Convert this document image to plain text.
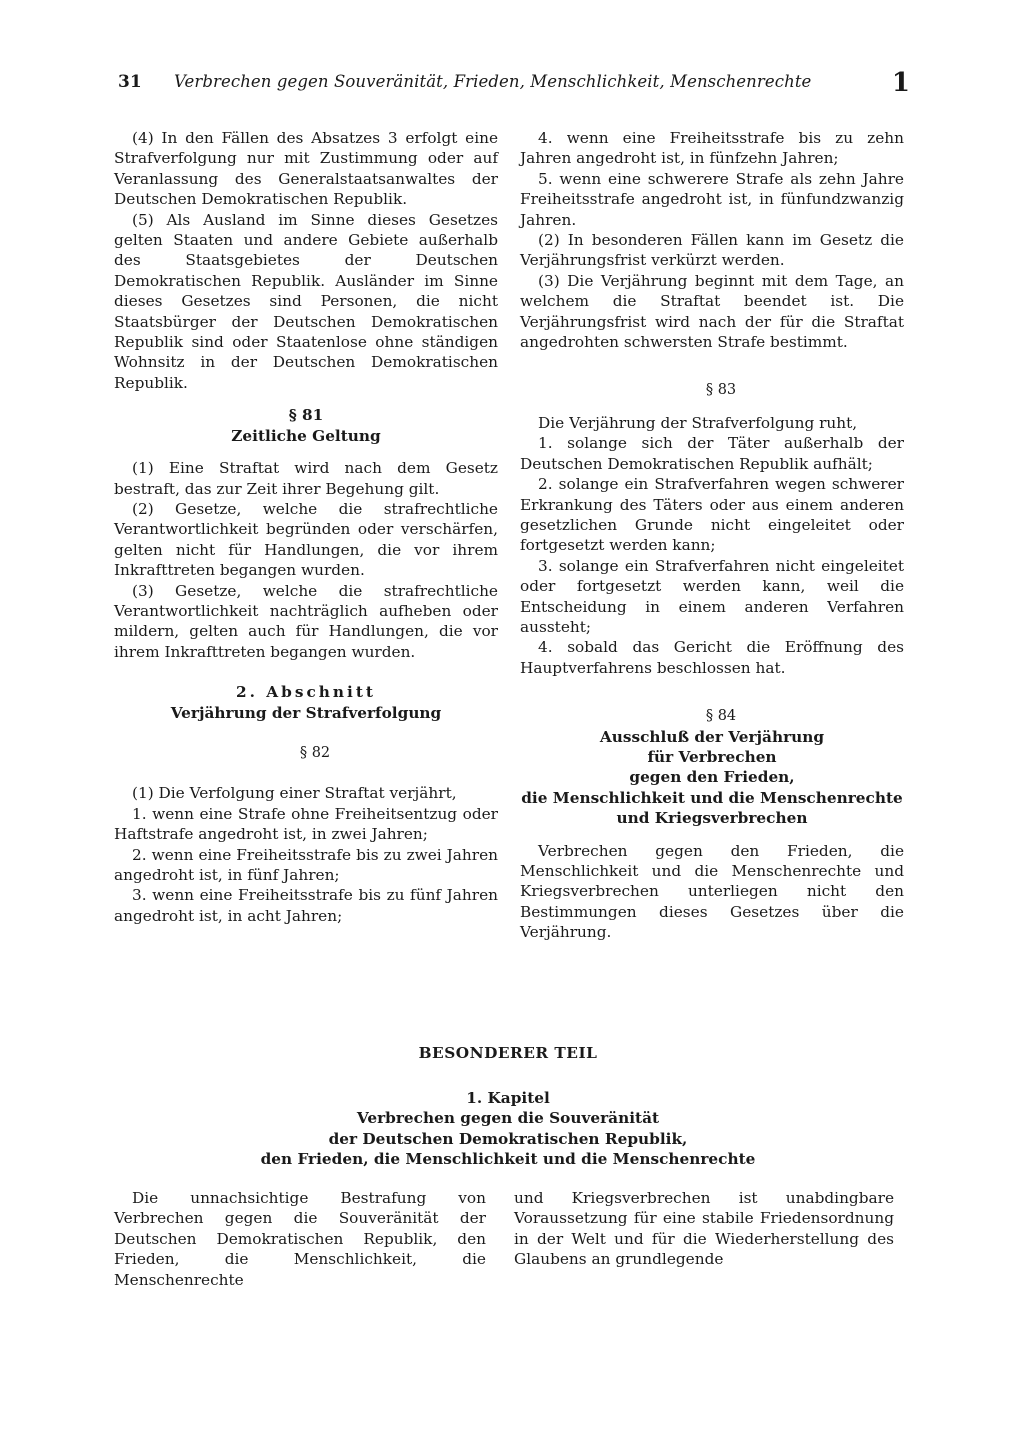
31 Verbrechen gegen Souveränität, Frieden, Menschlichkeit, Menschenrechte	1

(4) In den Fällen des Absatzes 3 erfolgt eine Strafverfolgung nur mit Zustimmung oder auf Veranlassung des Generalstaatsanwaltes der Deutschen Demokratischen Republik.

(5) Als Ausland im Sinne dieses Gesetzes gelten Staaten und andere Gebiete außerhalb des Staatsgebietes der Deutschen Demokratischen Republik. Ausländer im Sinne dieses Gesetzes sind Personen, die nicht Staatsbürger der Deutschen Demokratischen Republik sind oder Staatenlose ohne ständigen Wohnsitz in der Deutschen Demokratischen Republik.

§ 81

Zeitliche Geltung

(1) Eine Straftat wird nach dem Gesetz bestraft, das zur Zeit ihrer Begehung gilt.

(2) Gesetze, welche die strafrechtliche Verantwortlichkeit begründen oder verschärfen, gelten nicht für Handlungen, die vor ihrem Inkrafttreten begangen wurden.

(3) Gesetze, welche die strafrechtliche Verantwortlichkeit nachträglich aufheben oder mildern, gelten auch für Handlungen, die vor ihrem Inkrafttreten begangen wurden.

2. Abschnitt

Verjährung der Strafverfolgung

§ 82

(1) Die Verfolgung einer Straftat verjährt,

1. wenn eine Strafe ohne Freiheitsentzug oder Haftstrafe angedroht ist, in zwei Jahren;

2. wenn eine Freiheitsstrafe bis zu zwei Jahren angedroht ist, in fünf Jahren;

3. wenn eine Freiheitsstrafe bis zu fünf Jahren angedroht ist, in acht Jahren;

4. wenn eine Freiheitsstrafe bis zu zehn Jahren angedroht ist, in fünfzehn Jahren;

5. wenn eine schwerere Strafe als zehn Jahre Freiheitsstrafe angedroht ist, in fünfundzwanzig Jahren.

(2) In besonderen Fällen kann im Gesetz die Verjährungsfrist verkürzt werden.

(3) Die Verjährung beginnt mit dem Tage, an welchem die Straftat beendet ist. Die Verjährungsfrist wird nach der für die Straftat angedrohten schwersten Strafe bestimmt.

§ 83

Die Verjährung der Strafverfolgung ruht,

1. solange sich der Täter außerhalb der Deutschen Demokratischen Republik aufhält;

2. solange ein Strafverfahren wegen schwerer Erkrankung des Täters oder aus einem anderen gesetzlichen Grunde nicht eingeleitet oder fortgesetzt werden kann;

3. solange ein Strafverfahren nicht eingeleitet oder fortgesetzt werden kann, weil die Entscheidung in einem anderen Verfahren aussteht;

4. sobald das Gericht die Eröffnung des Hauptverfahrens beschlossen hat.

§ 84

Ausschluß der Verjährung

für Verbrechen

gegen den Frieden,

die Menschlichkeit und die Menschenrechte

und Kriegsverbrechen

Verbrechen gegen den Frieden, die Menschlichkeit und die Menschenrechte und Kriegsverbrechen unterliegen nicht den Bestimmungen dieses Gesetzes über die Verjährung.

BESONDERER TEIL
1. Kapitel
Verbrechen gegen die Souveränität
der Deutschen Demokratischen Republik,
den Frieden, die Menschlichkeit und die Menschenrechte

Die unnachsichtige Bestrafung von Verbrechen gegen die Souveränität der Deutschen Demokratischen Republik, den Frieden, die Menschlichkeit, die Menschenrechte

und Kriegsverbrechen ist unabdingbare Voraussetzung für eine stabile Friedensordnung in der Welt und für die Wiederherstellung des Glaubens an grundlegende
